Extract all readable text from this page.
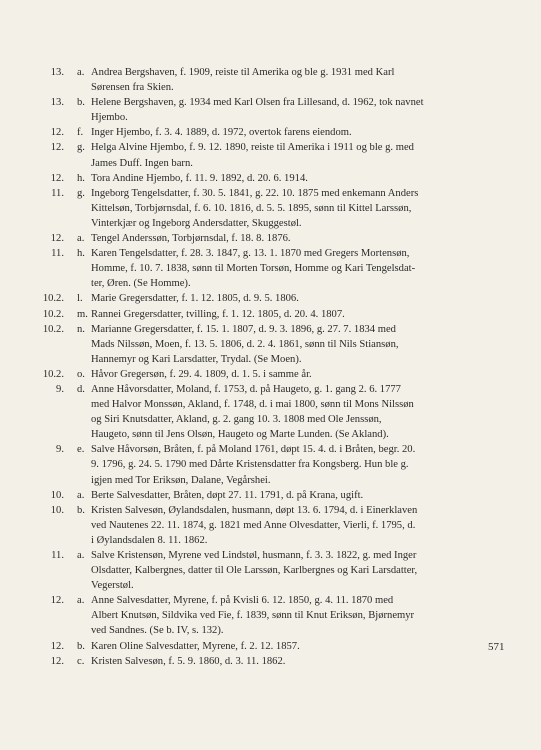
13. a. Andrea Bergshaven, f. 1909, reiste til Amerika og ble g. 1931 med Karl
Sørensen fra Skien.
13. b. Helene Bergshaven, g. 1934 med Karl Olsen fra Lillesand, d. 1962, tok navnet
Hjembo.
12. f. Inger Hjembo, f. 3. 4. 1889, d. 1972, overtok farens eiendom.
12. g. Helga Alvine Hjembo, f. 9. 12. 1890, reiste til Amerika i 1911 og ble g. med
James Duff. Ingen barn.
12. h. Tora Andine Hjembo, f. 11. 9. 1892, d. 20. 6. 1914.
11. g. Ingeborg Tengelsdatter, f. 30. 5. 1841, g. 22. 10. 1875 med enkemann Anders
Kittelsøn, Torbjørnsdal, f. 6. 10. 1816, d. 5. 5. 1895, sønn til Kittel Larssøn,
Vinterkjær og Ingeborg Andersdatter, Skuggestøl.
12. a. Tengel Anderssøn, Torbjørnsdal, f. 18. 8. 1876.
11. h. Karen Tengelsdatter, f. 28. 3. 1847, g. 13. 1. 1870 med Gregers Mortensøn,
Homme, f. 10. 7. 1838, sønn til Morten Torsøn, Homme og Kari Tengelsdat-
ter, Øren. (Se Homme).
10.2. l. Marie Gregersdatter, f. 1. 12. 1805, d. 9. 5. 1806.
10.2. m. Rannei Gregersdatter, tvilling, f. 1. 12. 1805, d. 20. 4. 1807.
10.2. n. Marianne Gregersdatter, f. 15. 1. 1807, d. 9. 3. 1896, g. 27. 7. 1834 med
Mads Nilssøn, Moen, f. 13. 5. 1806, d. 2. 4. 1861, sønn til Nils Stiansøn,
Hannemyr og Kari Larsdatter, Trydal. (Se Moen).
10.2. o. Håvor Gregersøn, f. 29. 4. 1809, d. 1. 5. i samme år.
9. d. Anne Håvorsdatter, Moland, f. 1753, d. på Haugeto, g. 1. gang 2. 6. 1777
med Halvor Monssøn, Akland, f. 1748, d. i mai 1800, sønn til Mons Nilssøn
og Siri Knutsdatter, Akland, g. 2. gang 10. 3. 1808 med Ole Jenssøn,
Haugeto, sønn til Jens Olsøn, Haugeto og Marte Lunden. (Se Akland).
9. e. Salve Håvorsøn, Bråten, f. på Moland 1761, døpt 15. 4. d. i Bråten, begr. 20.
9. 1796, g. 24. 5. 1790 med Dårte Kristensdatter fra Kongsberg. Hun ble g.
igjen med Tor Eriksøn, Dalane, Vegårshei.
10. a. Berte Salvesdatter, Bråten, døpt 27. 11. 1791, d. på Krana, ugift.
10. b. Kristen Salvesøn, Øylandsdalen, husmann, døpt 13. 6. 1794, d. i Einerklaven
ved Nautenes 22. 11. 1874, g. 1821 med Anne Olvesdatter, Vierli, f. 1795, d.
i Øylandsdalen 8. 11. 1862.
11. a. Salve Kristensøn, Myrene ved Lindstøl, husmann, f. 3. 3. 1822, g. med Inger
Olsdatter, Kalbergnes, datter til Ole Larssøn, Karlbergnes og Kari Larsdatter,
Vegerstøl.
12. a. Anne Salvesdatter, Myrene, f. på Kvisli 6. 12. 1850, g. 4. 11. 1870 med
Albert Knutsøn, Sildvika ved Fie, f. 1839, sønn til Knut Eriksøn, Bjørnemyr
ved Sandnes. (Se b. IV, s. 132).
12. b. Karen Oline Salvesdatter, Myrene, f. 2. 12. 1857.
12. c. Kristen Salvesøn, f. 5. 9. 1860, d. 3. 11. 1862.
571
